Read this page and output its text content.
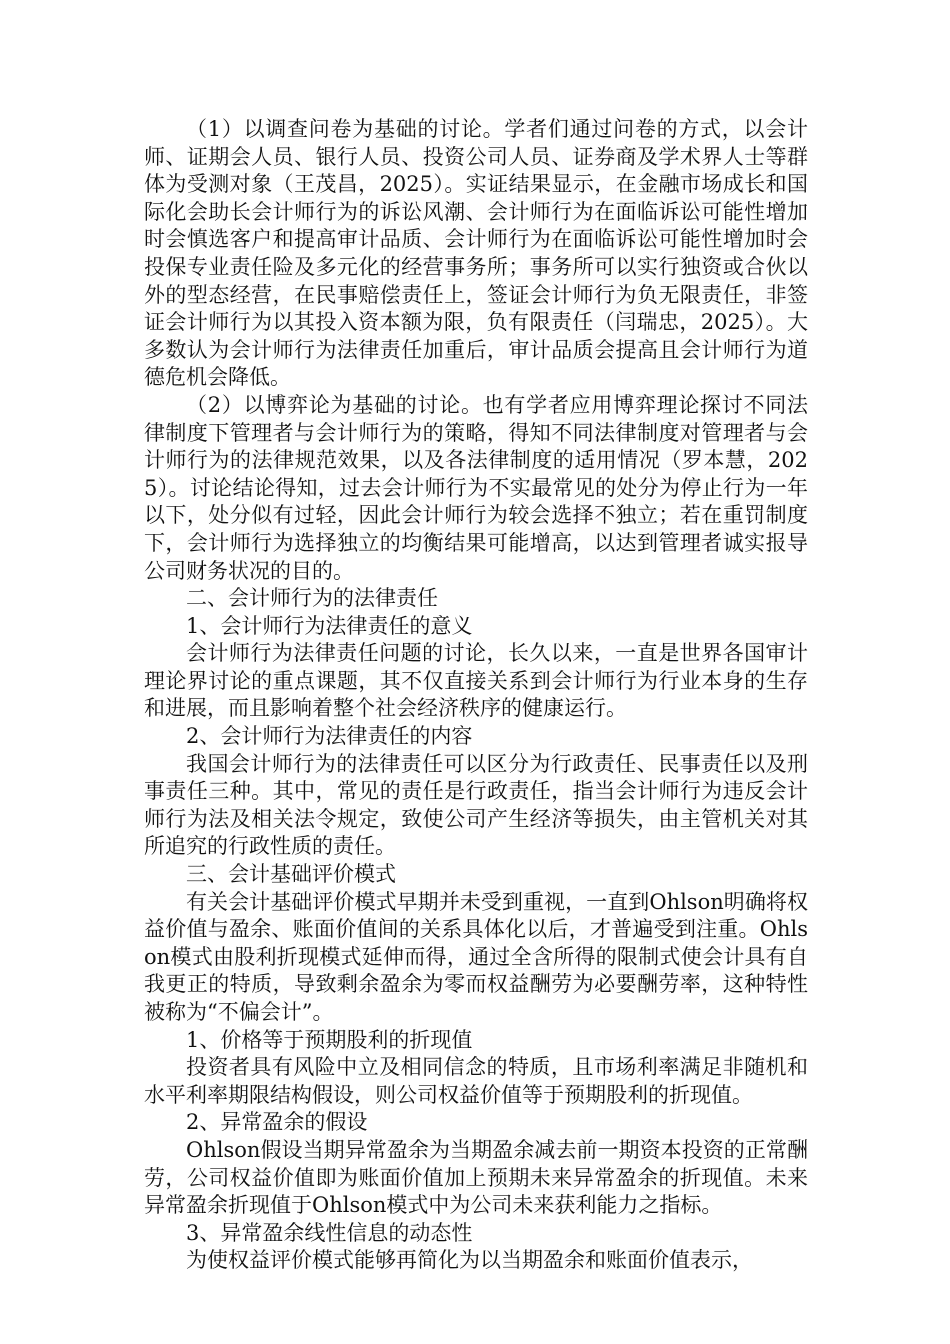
（1）以调查问卷为基础的讨论。学者们通过问卷的方式，以会计师、证期会人员、银行人员、投资公司人员、证券商及学术界人士等群体为受测对象（王茂昌，2025）。实证结果显示，在金融市场成长和国际化会助长会计师行为的诉讼风潮、会计师行为在面临诉讼可能性增加时会慎选客户和提高审计品质、会计师行为在面临诉讼可能性增加时会投保专业责任险及多元化的经营事务所；事务所可以实行独资或合伙以外的型态经营，在民事赔偿责任上，签证会计师行为负无限责任，非签证会计师行为以其投入资本额为限，负有限责任（闫瑞忠，2025）。大多数认为会计师行为法律责任加重后，审计品质会提高且会计师行为道德危机会降低。

（2）以博弈论为基础的讨论。也有学者应用博弈理论探讨不同法律制度下管理者与会计师行为的策略，得知不同法律制度对管理者与会计师行为的法律规范效果，以及各法律制度的适用情况（罗本慧，2025）。讨论结论得知，过去会计师行为不实最常见的处分为停止行为一年以下，处分似有过轻，因此会计师行为较会选择不独立；若在重罚制度下，会计师行为选择独立的均衡结果可能增高，以达到管理者诚实报导公司财务状况的目的。

二、会计师行为的法律责任

1、会计师行为法律责任的意义

会计师行为法律责任问题的讨论，长久以来，一直是世界各国审计理论界讨论的重点课题，其不仅直接关系到会计师行为行业本身的生存和进展，而且影响着整个社会经济秩序的健康运行。

2、会计师行为法律责任的内容

我国会计师行为的法律责任可以区分为行政责任、民事责任以及刑事责任三种。其中，常见的责任是行政责任，指当会计师行为违反会计师行为法及相关法令规定，致使公司产生经济等损失，由主管机关对其所追究的行政性质的责任。

三、会计基础评价模式

有关会计基础评价模式早期并未受到重视，一直到Ohlson明确将权益价值与盈余、账面价值间的关系具体化以后，才普遍受到注重。Ohlson模式由股利折现模式延伸而得，通过全含所得的限制式使会计具有自我更正的特质，导致剩余盈余为零而权益酬劳为必要酬劳率，这种特性被称为“不偏会计”。

1、价格等于预期股利的折现值

投资者具有风险中立及相同信念的特质，且市场利率满足非随机和水平利率期限结构假设，则公司权益价值等于预期股利的折现值。

2、异常盈余的假设

Ohlson假设当期异常盈余为当期盈余减去前一期资本投资的正常酬劳，公司权益价值即为账面价值加上预期未来异常盈余的折现值。未来异常盈余折现值于Ohlson模式中为公司未来获利能力之指标。

3、异常盈余线性信息的动态性

为使权益评价模式能够再简化为以当期盈余和账面价值表示，
